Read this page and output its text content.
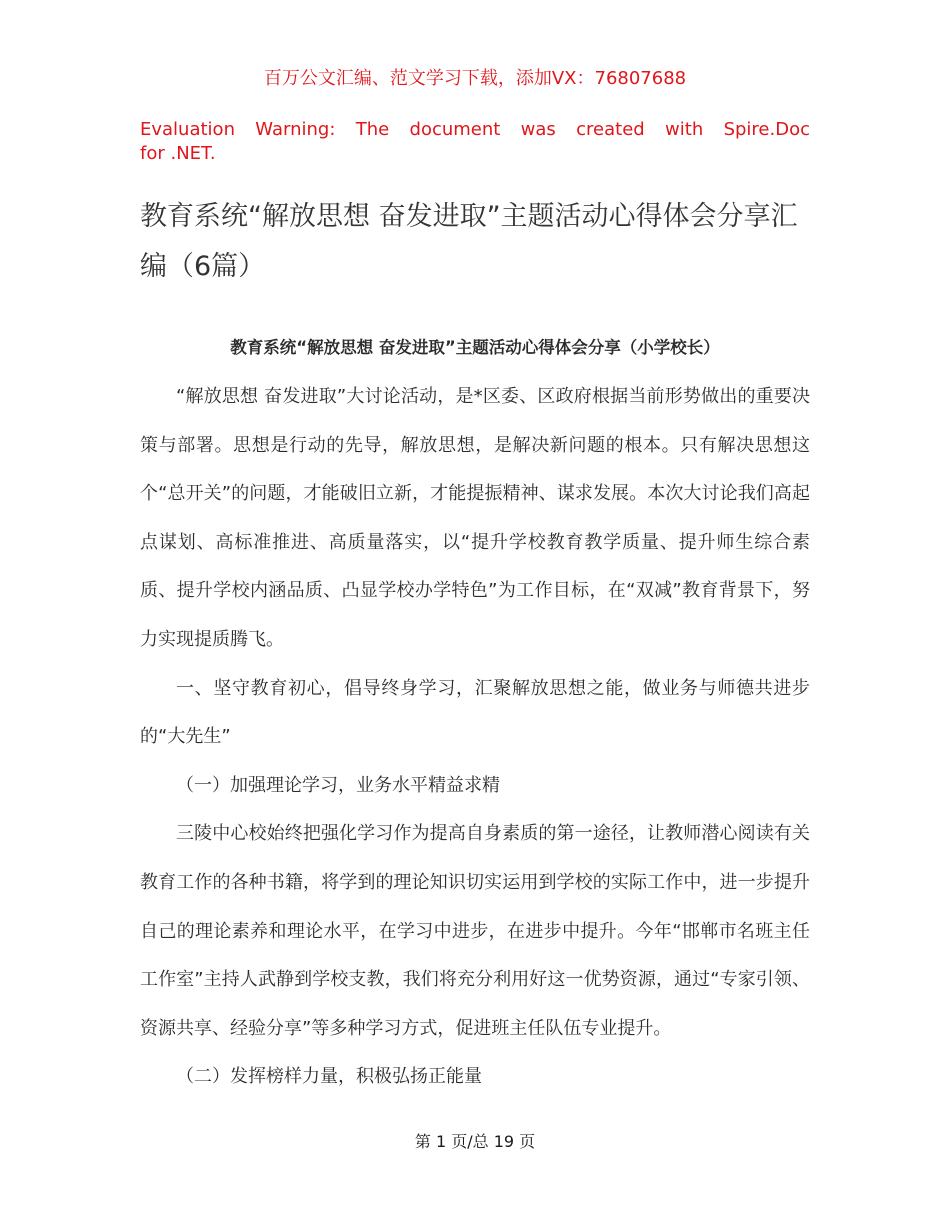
百万公文汇编、范文学习下载，添加VX：76807688

Evaluation Warning: The document was created with Spire.Doc
for .NET.

教育系统“解放思想 奋发进取”主题活动心得体会分享汇编（6篇）
教育系统“解放思想 奋发进取”主题活动心得体会分享（小学校长）

“解放思想 奋发进取”大讨论活动，是*区委、区政府根据当前形势做出的重要决策与部署。思想是行动的先导，解放思想，是解决新问题的根本。只有解决思想这个“总开关”的问题，才能破旧立新，才能提振精神、谋求发展。本次大讨论我们高起点谋划、高标准推进、高质量落实，以“提升学校教育教学质量、提升师生综合素质、提升学校内涵品质、凸显学校办学特色”为工作目标，在“双减”教育背景下，努力实现提质腾飞。

一、坚守教育初心，倡导终身学习，汇聚解放思想之能，做业务与师德共进步的“大先生”

（一）加强理论学习，业务水平精益求精

三陵中心校始终把强化学习作为提高自身素质的第一途径，让教师潜心阅读有关教育工作的各种书籍，将学到的理论知识切实运用到学校的实际工作中，进一步提升自己的理论素养和理论水平，在学习中进步，在进步中提升。今年“邯郸市名班主任工作室”主持人武静到学校支教，我们将充分利用好这一优势资源，通过“专家引领、资源共享、经验分享”等多种学习方式，促进班主任队伍专业提升。

（二）发挥榜样力量，积极弘扬正能量

第 1 页/总 19 页
